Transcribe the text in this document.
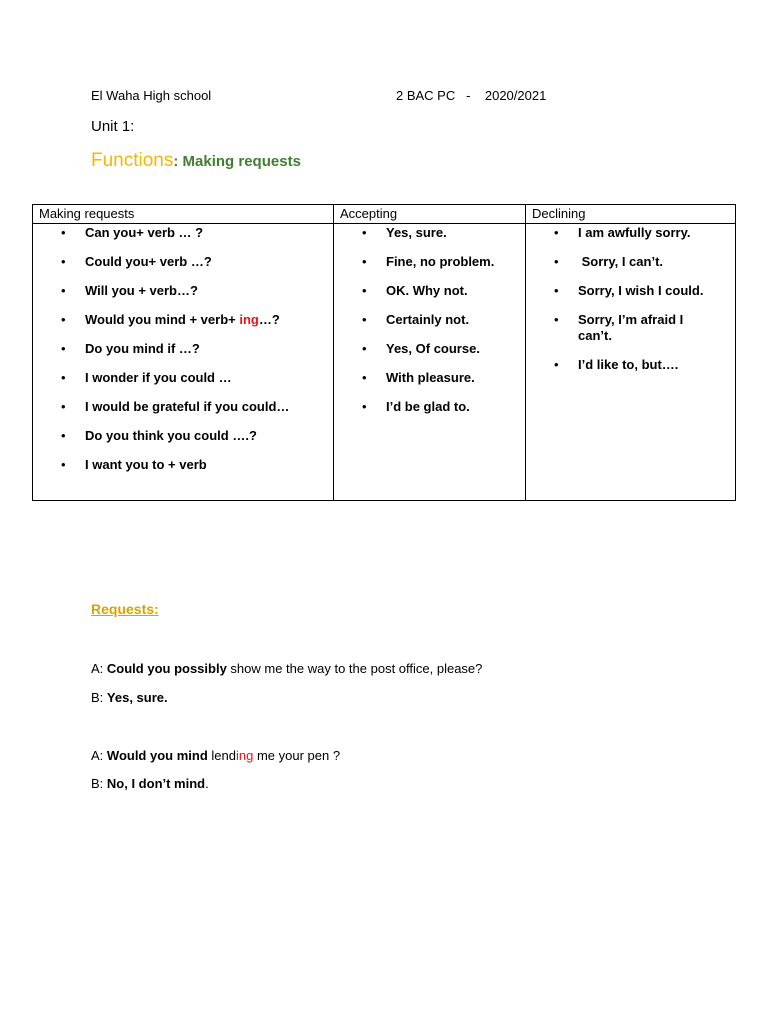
El Waha High school	2 BAC PC   -    2020/2021
Unit 1:
Functions: Making requests
Making requests
• Can you+ verb … ?
• Could you+ verb …?
• Will you + verb…?
• Would you mind + verb+ ing…?
• Do you mind if …?
• I wonder if you could …
• I would be grateful if you could…
• Do you think you could ….?
• I want you to + verb
Accepting
• Yes, sure.
• Fine, no problem.
• OK. Why not.
• Certainly not.
• Yes, Of course.
• With pleasure.
• I’d be glad to.
Declining
• I am awfully sorry.
• Sorry, I can’t.
• Sorry, I wish I could.
• Sorry, I’m afraid I can’t.
• I’d like to, but….
Requests:
A: Could you possibly show me the way to the post office, please?
B: Yes, sure.
A: Would you mind lending me your pen ?
B: No, I don’t mind.
